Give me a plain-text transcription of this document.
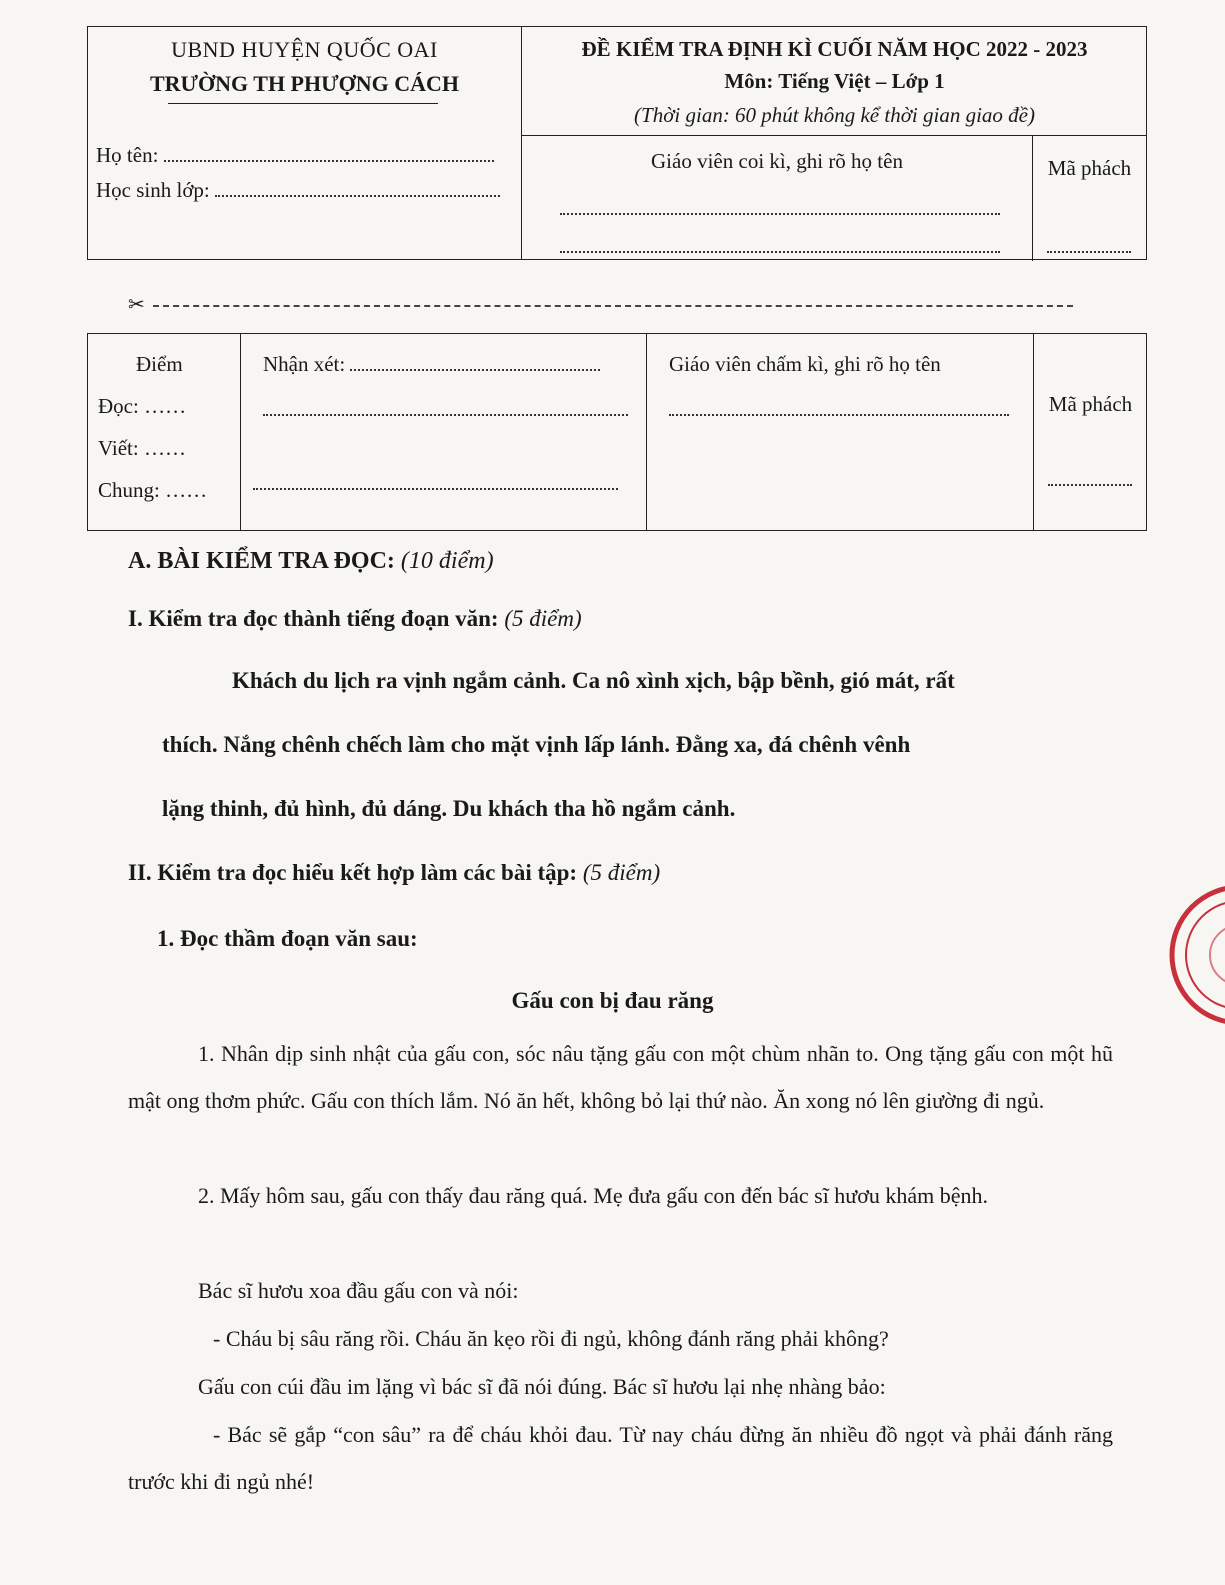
UBND HUYỆN QUỐC OAI
TRƯỜNG TH PHƯỢNG CÁCH
Họ tên:
Học sinh lớp:
ĐỀ KIỂM TRA ĐỊNH KÌ CUỐI NĂM HỌC 2022 - 2023
Môn: Tiếng Việt – Lớp 1
(Thời gian: 60 phút không kể thời gian giao đề)
Giáo viên coi kì, ghi rõ họ tên	Mã phách
✂
Điểm
Đọc: ……
Viết: ……
Chung: ……
Nhận xét:	Giáo viên chấm kì, ghi rõ họ tên
Mã phách
A. BÀI KIỂM TRA ĐỌC: (10 điểm)
I. Kiểm tra đọc thành tiếng đoạn văn: (5 điểm)
Khách du lịch ra vịnh ngắm cảnh. Ca nô xình xịch, bập bềnh, gió mát, rất
thích. Nắng chênh chếch làm cho mặt vịnh lấp lánh. Đằng xa, đá chênh vênh
lặng thinh, đủ hình, đủ dáng. Du khách tha hồ ngắm cảnh.
II. Kiểm tra đọc hiểu kết hợp làm các bài tập: (5 điểm)
1. Đọc thầm đoạn văn sau:
Gấu con bị đau răng
1. Nhân dịp sinh nhật của gấu con, sóc nâu tặng gấu con một chùm nhãn to. Ong tặng gấu con một hũ mật ong thơm phức. Gấu con thích lắm. Nó ăn hết, không bỏ lại thứ nào. Ăn xong nó lên giường đi ngủ.
2. Mấy hôm sau, gấu con thấy đau răng quá. Mẹ đưa gấu con đến bác sĩ hươu khám bệnh.
Bác sĩ hươu xoa đầu gấu con và nói:
- Cháu bị sâu răng rồi. Cháu ăn kẹo rồi đi ngủ, không đánh răng phải không?
Gấu con cúi đầu im lặng vì bác sĩ đã nói đúng. Bác sĩ hươu lại nhẹ nhàng bảo:
- Bác sẽ gắp “con sâu” ra để cháu khỏi đau. Từ nay cháu đừng ăn nhiều đồ ngọt và phải đánh răng trước khi đi ngủ nhé!
